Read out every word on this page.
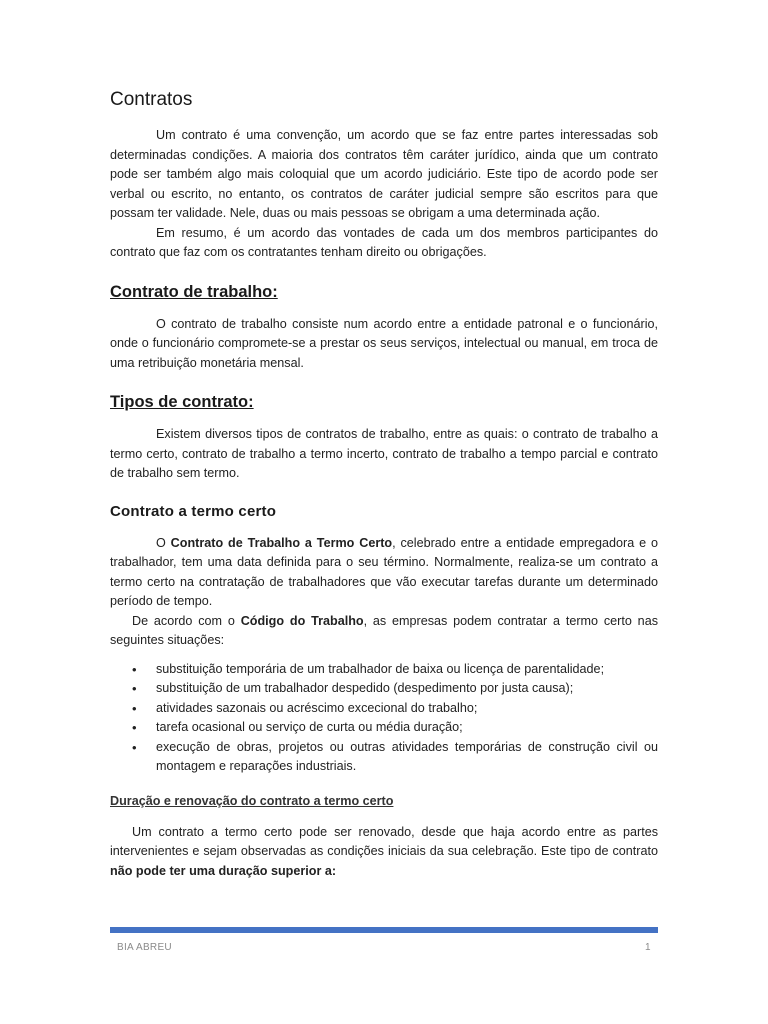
Contratos

Um contrato é uma convenção, um acordo que se faz entre partes interessadas sob determinadas condições. A maioria dos contratos têm caráter jurídico, ainda que um contrato pode ser também algo mais coloquial que um acordo judiciário. Este tipo de acordo pode ser verbal ou escrito, no entanto, os contratos de caráter judicial sempre são escritos para que possam ter validade. Nele, duas ou mais pessoas se obrigam a uma determinada ação.

Em resumo, é um acordo das vontades de cada um dos membros participantes do contrato que faz com os contratantes tenham direito ou obrigações.

Contrato de trabalho:

O contrato de trabalho consiste num acordo entre a entidade patronal e o funcionário, onde o funcionário compromete-se a prestar os seus serviços, intelectual ou manual, em troca de uma retribuição monetária mensal.

Tipos de contrato:

Existem diversos tipos de contratos de trabalho, entre as quais: o contrato de trabalho a termo certo, contrato de trabalho a termo incerto, contrato de trabalho a tempo parcial e contrato de trabalho sem termo.

Contrato a termo certo

O Contrato de Trabalho a Termo Certo, celebrado entre a entidade empregadora e o trabalhador, tem uma data definida para o seu término. Normalmente, realiza-se um contrato a termo certo na contratação de trabalhadores que vão executar tarefas durante um determinado período de tempo.

De acordo com o Código do Trabalho, as empresas podem contratar a termo certo nas seguintes situações:

• substituição temporária de um trabalhador de baixa ou licença de parentalidade;
• substituição de um trabalhador despedido (despedimento por justa causa);
• atividades sazonais ou acréscimo excecional do trabalho;
• tarefa ocasional ou serviço de curta ou média duração;
• execução de obras, projetos ou outras atividades temporárias de construção civil ou montagem e reparações industriais.
Duração e renovação do contrato a termo certo

Um contrato a termo certo pode ser renovado, desde que haja acordo entre as partes intervenientes e sejam observadas as condições iniciais da sua celebração. Este tipo de contrato não pode ter uma duração superior a:

BIA ABREU	1
